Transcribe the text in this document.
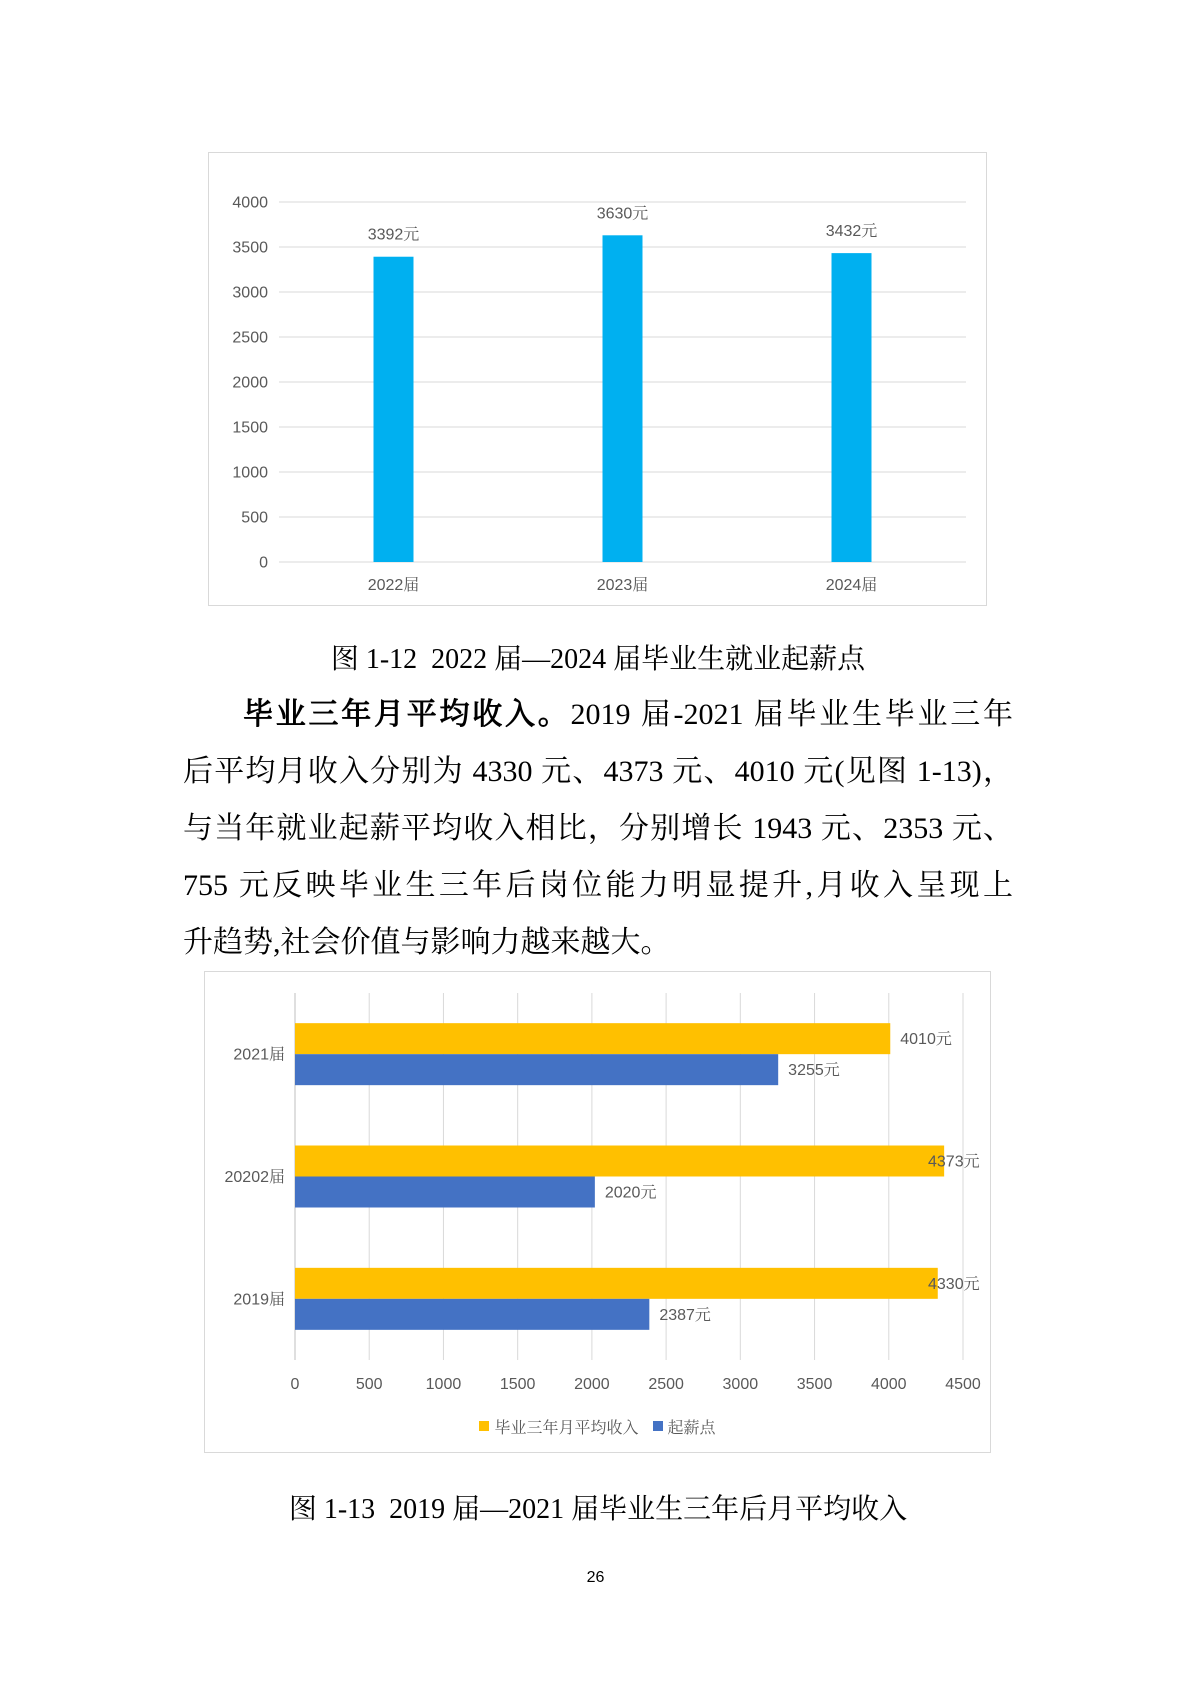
0
500
1000
1500
2000
2500
3000
3500
4000
3392元
2022届
3630元
2023届
3432元
2024届
图 1-12  2022 届—2024 届毕业生就业起薪点
毕业三年月平均收入。2019 届-2021 届毕业生毕业三年
后平均月收入分别为 4330 元、4373 元、4010 元(见图 1-13)，
与当年就业起薪平均收入相比，分别增长 1943 元、2353 元、
755 元反映毕业生三年后岗位能力明显提升,月收入呈现上
升趋势,社会价值与影响力越来越大。
0	500	1000 1500 2000 2500 3000 3500 4000 4500
4330元
2387元
2019届
4373元
2020元
20202届
4010元
3255元
2021届
毕业三年月平均收入 起薪点
图 1-13  2019 届—2021 届毕业生三年后月平均收入
26
